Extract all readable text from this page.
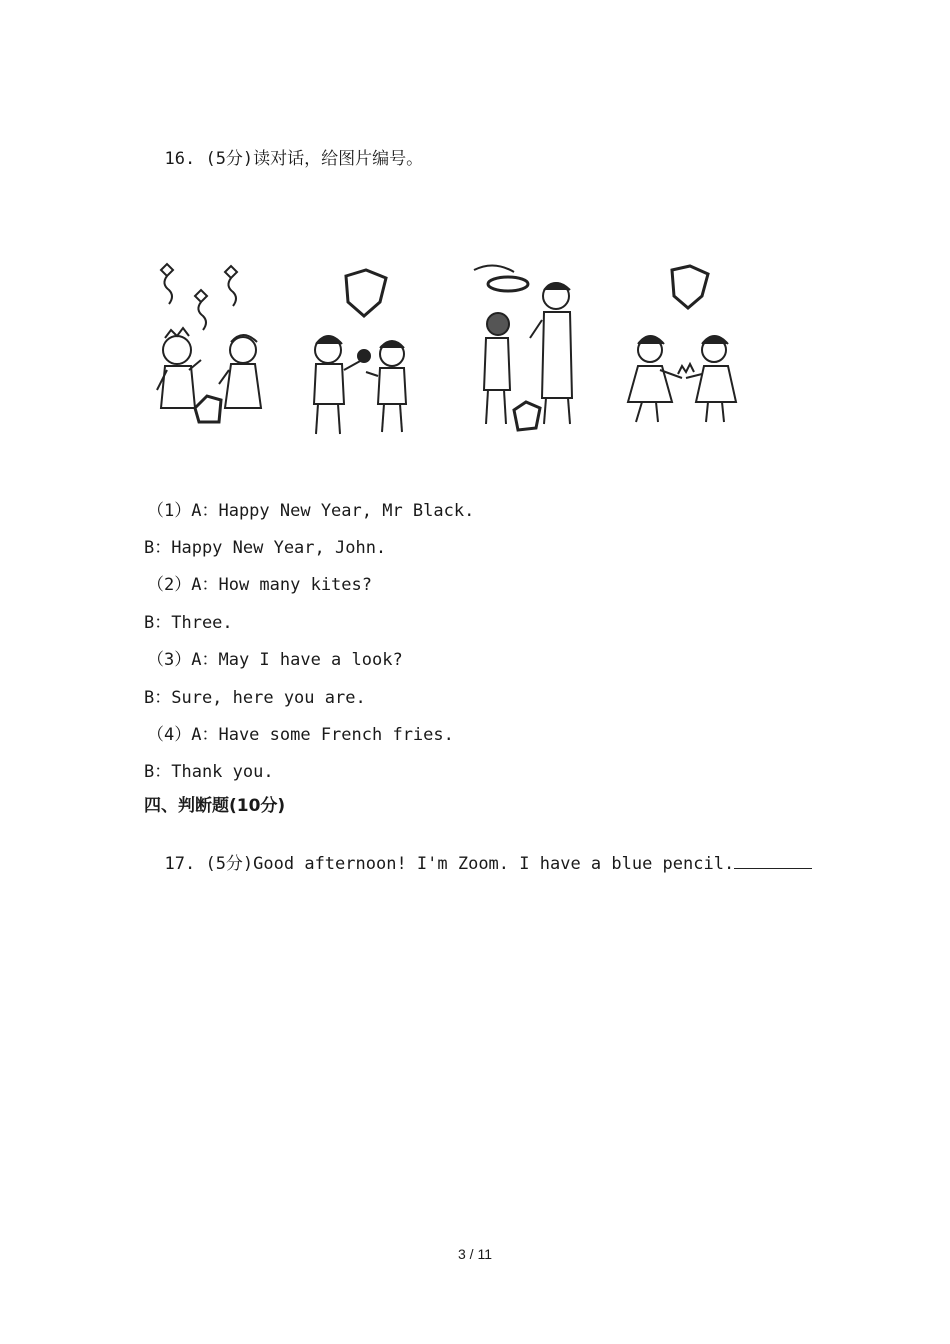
16. (5分)读对话，给图片编号。

（1）A：Happy New Year, Mr Black.
B：Happy New Year, John.
（2）A：How many kites?
B：Three.
（3）A：May I have a look?
B：Sure, here you are.
（4）A：Have some French fries.
B：Thank you.
四、判断题(10分)

17. (5分)Good afternoon! I'm Zoom. I have a blue pencil.

3 / 11
